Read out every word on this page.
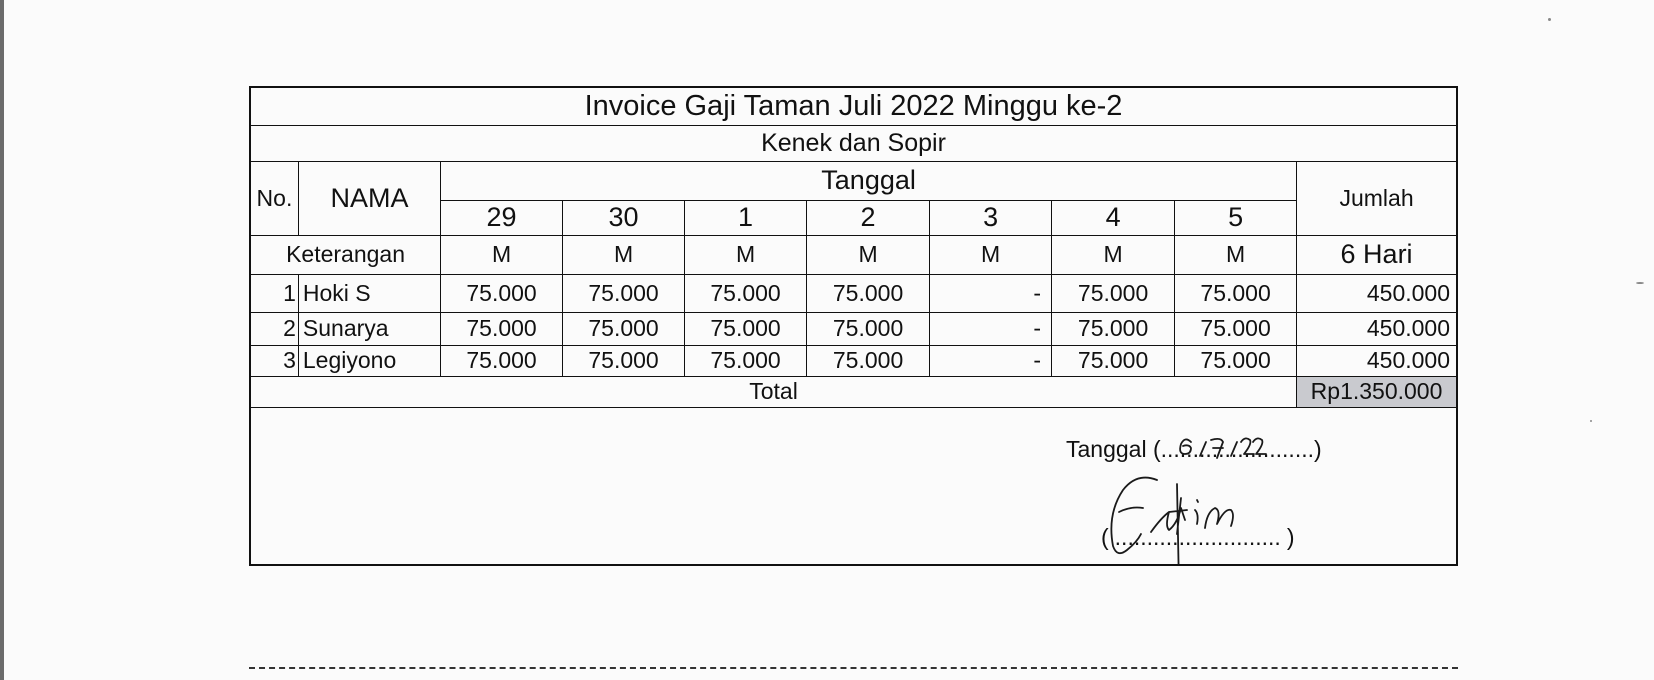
Invoice Gaji Taman Juli 2022 Minggu ke-2									
Kenek dan Sopir									
No.	NAMA	Tanggal							Jumlah
		29	30	1	2	3	4	5	
Keterangan		M	M	M	M	M	M	M	6 Hari
1	Hoki S	75.000	75.000	75.000	75.000	-	75.000	75.000	450.000
2	Sunarya	75.000	75.000	75.000	75.000	-	75.000	75.000	450.000
3	Legiyono	75.000	75.000	75.000	75.000	-	75.000	75.000	450.000
Total									Rp1.350.000

Tanggal (........................)
( .......................... )									
